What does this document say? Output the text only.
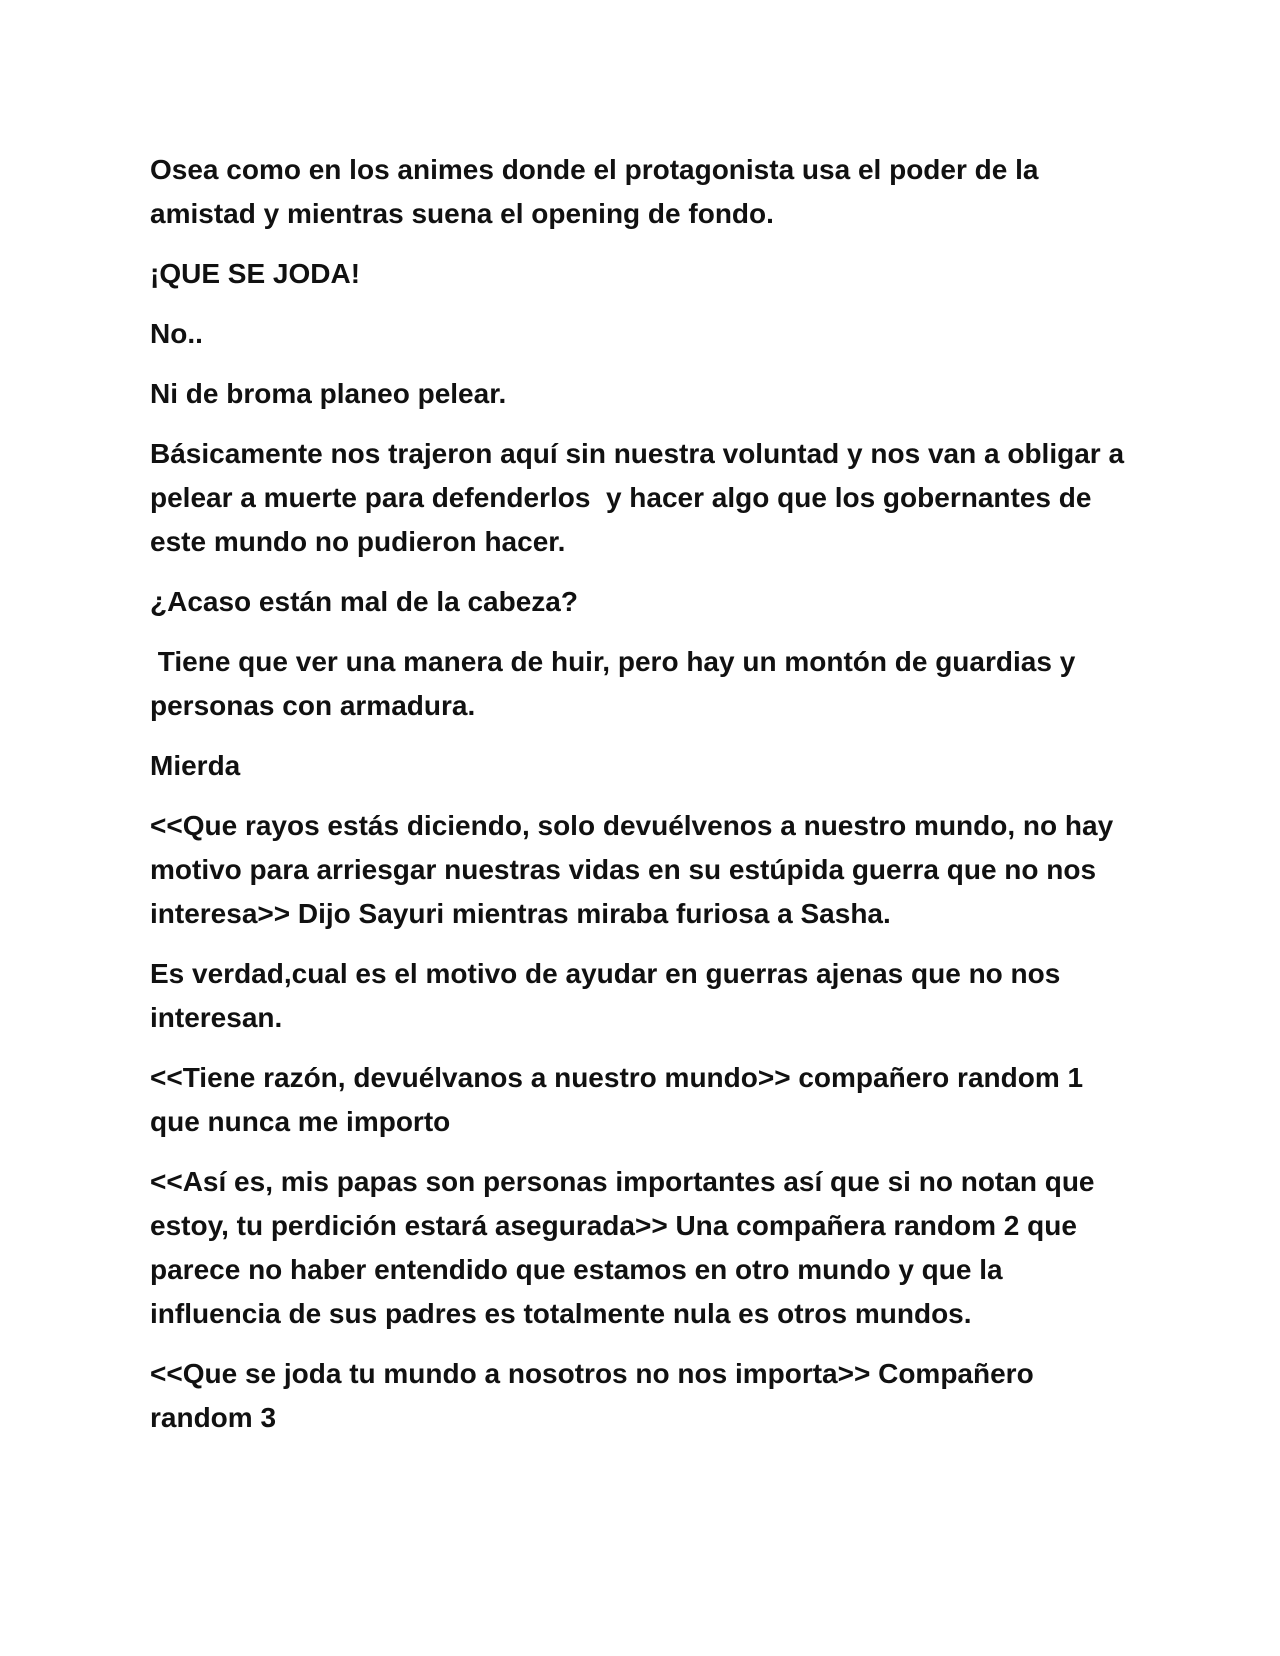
Osea como en los animes donde el protagonista usa el poder de la amistad y mientras suena el opening de fondo.

¡QUE SE JODA!

No..

Ni de broma planeo pelear.

Básicamente nos trajeron aquí sin nuestra voluntad y nos van a obligar a pelear a muerte para defenderlos  y hacer algo que los gobernantes de este mundo no pudieron hacer.

¿Acaso están mal de la cabeza?

Tiene que ver una manera de huir, pero hay un montón de guardias y personas con armadura.

Mierda

<<Que rayos estás diciendo, solo devuélvenos a nuestro mundo, no hay motivo para arriesgar nuestras vidas en su estúpida guerra que no nos interesa>> Dijo Sayuri mientras miraba furiosa a Sasha.

Es verdad,cual es el motivo de ayudar en guerras ajenas que no nos interesan.

<<Tiene razón, devuélvanos a nuestro mundo>> compañero random 1 que nunca me importo

<<Así es, mis papas son personas importantes así que si no notan que estoy, tu perdición estará asegurada>> Una compañera random 2 que parece no haber entendido que estamos en otro mundo y que la influencia de sus padres es totalmente nula es otros mundos.

<<Que se joda tu mundo a nosotros no nos importa>> Compañero random 3
